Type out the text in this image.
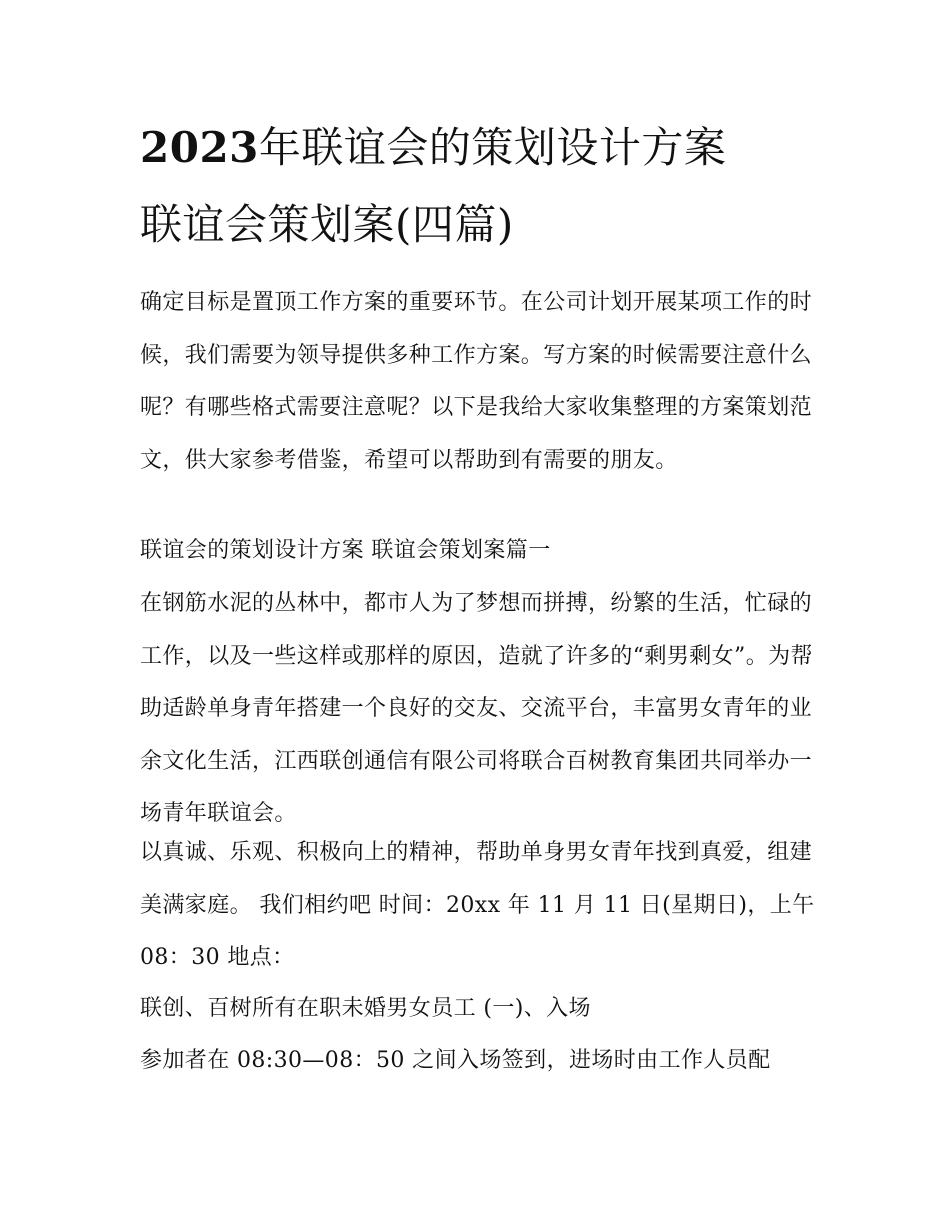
2023年联谊会的策划设计方案
联谊会策划案(四篇)

确定目标是置顶工作方案的重要环节。在公司计划开展某项工作的时候，我们需要为领导提供多种工作方案。写方案的时候需要注意什么呢？有哪些格式需要注意呢？以下是我给大家收集整理的方案策划范文，供大家参考借鉴，希望可以帮助到有需要的朋友。

联谊会的策划设计方案 联谊会策划案篇一

在钢筋水泥的丛林中，都市人为了梦想而拼搏，纷繁的生活，忙碌的工作，以及一些这样或那样的原因，造就了许多的“剩男剩女”。为帮助适龄单身青年搭建一个良好的交友、交流平台，丰富男女青年的业余文化生活，江西联创通信有限公司将联合百树教育集团共同举办一场青年联谊会。

以真诚、乐观、积极向上的精神，帮助单身男女青年找到真爱，组建美满家庭。 我们相约吧 时间：20xx 年 11 月 11 日(星期日)，上午 08：30 地点：

联创、百树所有在职未婚男女员工 (一)、入场

参加者在 08:30—08：50 之间入场签到，进场时由工作人员配
